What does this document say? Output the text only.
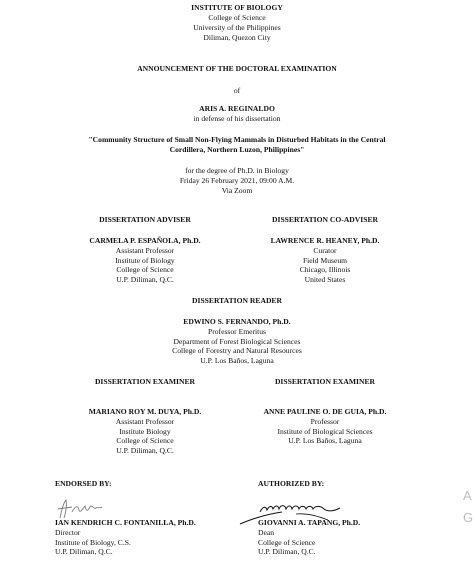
INSTITUTE OF BIOLOGY
College of Science
University of the Philippines
Diliman, Quezon City
ANNOUNCEMENT OF THE DOCTORAL EXAMINATION
of
ARIS A. REGINALDO
in defense of his dissertation
"Community Structure of Small Non-Flying Mammals in Disturbed Habitats in the Central
Cordillera, Northern Luzon, Philippines"
for the degree of Ph.D. in Biology
Friday 26 February 2021, 09:00 A.M.
Via Zoom
DISSERTATION ADVISER
CARMELA P. ESPAÑOLA, Ph.D.
Assistant Professor
Institute of Biology
College of Science
U.P. Diliman, Q.C.
DISSERTATION CO-ADVISER
LAWRENCE R. HEANEY, Ph.D.
Curator
Field Museum
Chicago, Illinois
United States
DISSERTATION READER
EDWINO S. FERNANDO, Ph.D.
Professor Emeritus
Department of Forest Biological Sciences
College of Forestry and Natural Resources
U.P. Los Baños, Laguna
DISSERTATION EXAMINER
MARIANO ROY M. DUYA, Ph.D.
Assistant Professor
Institute Biology
College of Science
U.P. Diliman, Q.C.
DISSERTATION EXAMINER
ANNE PAULINE O. DE GUIA, Ph.D.
Professor
Institute of Biological Sciences
U.P. Los Baños, Laguna
ENDORSED BY:
IAN KENDRICH C. FONTANILLA, Ph.D.
Director
Institute of Biology, C.S.
U.P. Diliman, Q.C.
AUTHORIZED BY:
GIOVANNI A. TAPANG, Ph.D.
Dean
College of Science
U.P. Diliman, Q.C.
A
G
